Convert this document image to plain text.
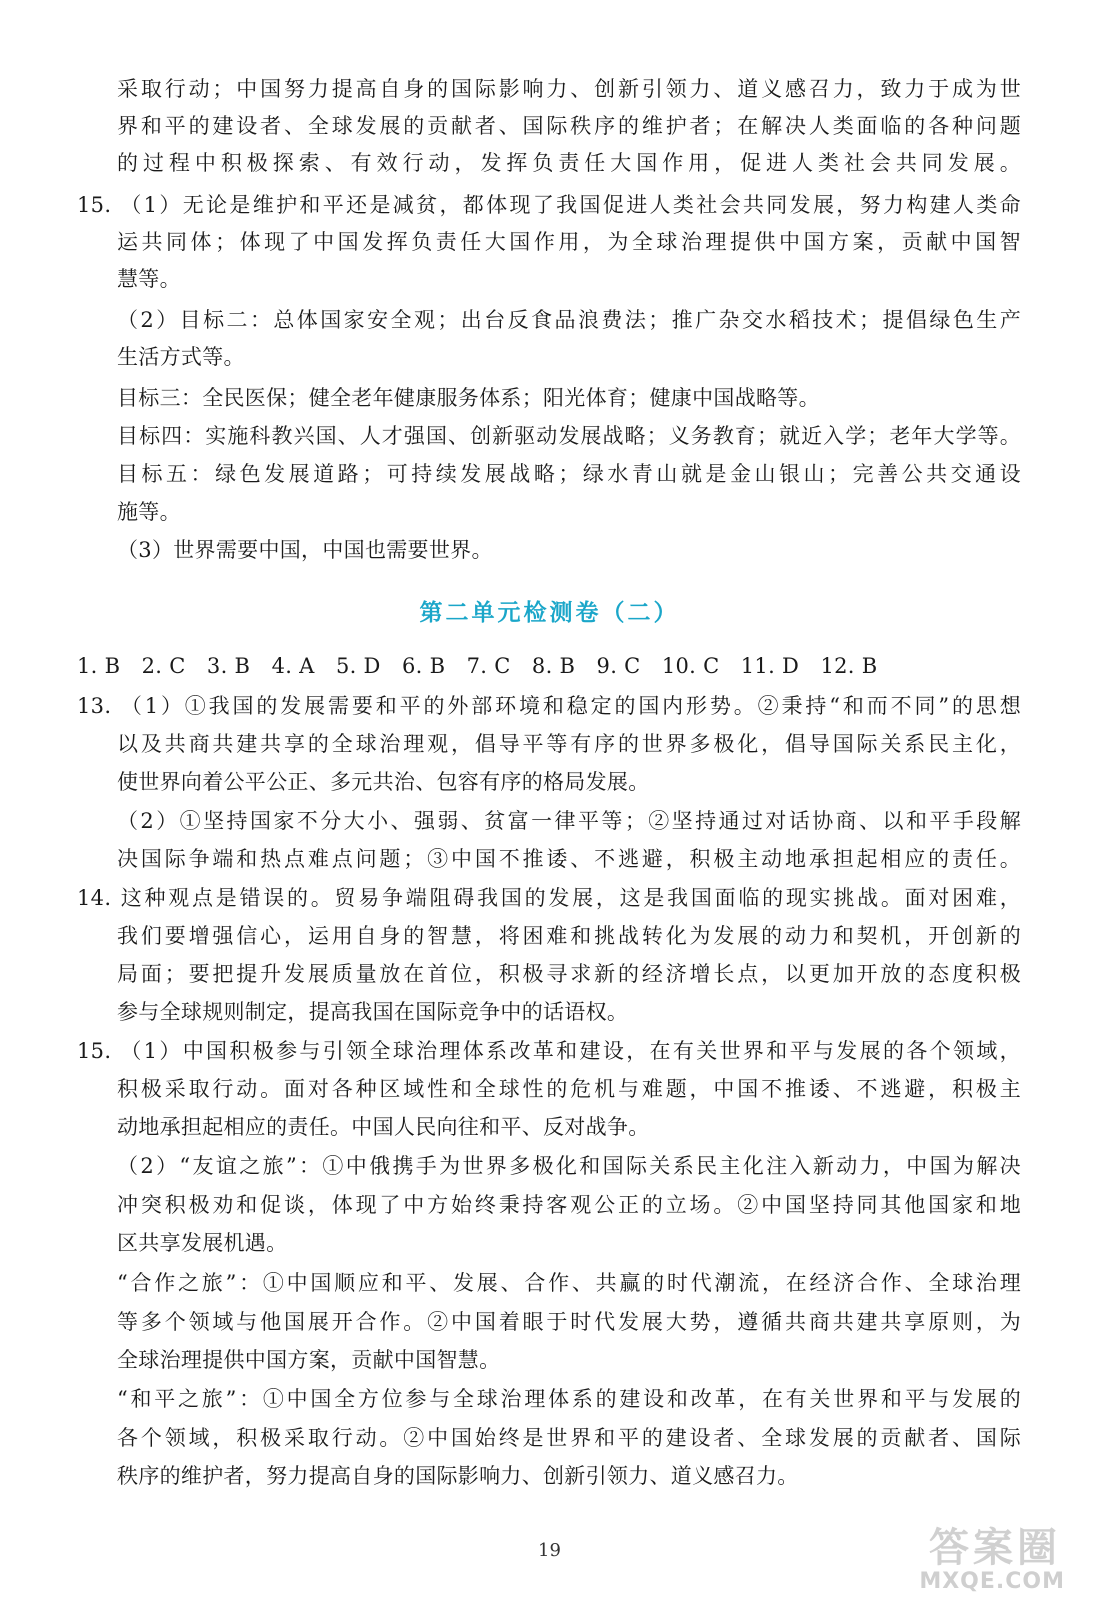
采取行动；中国努力提高自身的国际影响力、创新引领力、道义感召力，致力于成为世
界和平的建设者、全球发展的贡献者、国际秩序的维护者；在解决人类面临的各种问题
的过程中积极探索、有效行动，发挥负责任大国作用，促进人类社会共同发展。
15. （1）无论是维护和平还是减贫，都体现了我国促进人类社会共同发展，努力构建人类命
运共同体；体现了中国发挥负责任大国作用，为全球治理提供中国方案，贡献中国智
慧等。
（2）目标二：总体国家安全观；出台反食品浪费法；推广杂交水稻技术；提倡绿色生产
生活方式等。
目标三：全民医保；健全老年健康服务体系；阳光体育；健康中国战略等。
目标四：实施科教兴国、人才强国、创新驱动发展战略；义务教育；就近入学；老年大学等。
目标五：绿色发展道路；可持续发展战略；绿水青山就是金山银山；完善公共交通设
施等。
（3）世界需要中国，中国也需要世界。
1. B　2. C　3. B　4. A　5. D　6. B　7. C　8. B　9. C　10. C　11. D　12. B
13. （1）①我国的发展需要和平的外部环境和稳定的国内形势。②秉持“和而不同”的思想
以及共商共建共享的全球治理观，倡导平等有序的世界多极化，倡导国际关系民主化，
使世界向着公平公正、多元共治、包容有序的格局发展。
（2）①坚持国家不分大小、强弱、贫富一律平等；②坚持通过对话协商、以和平手段解
决国际争端和热点难点问题；③中国不推诿、不逃避，积极主动地承担起相应的责任。
14. 这种观点是错误的。贸易争端阻碍我国的发展，这是我国面临的现实挑战。面对困难，
我们要增强信心，运用自身的智慧，将困难和挑战转化为发展的动力和契机，开创新的
局面；要把提升发展质量放在首位，积极寻求新的经济增长点，以更加开放的态度积极
参与全球规则制定，提高我国在国际竞争中的话语权。
15. （1）中国积极参与引领全球治理体系改革和建设，在有关世界和平与发展的各个领域，
积极采取行动。面对各种区域性和全球性的危机与难题，中国不推诿、不逃避，积极主
动地承担起相应的责任。中国人民向往和平、反对战争。
（2）“友谊之旅”：①中俄携手为世界多极化和国际关系民主化注入新动力，中国为解决
冲突积极劝和促谈，体现了中方始终秉持客观公正的立场。②中国坚持同其他国家和地
区共享发展机遇。
“合作之旅”：①中国顺应和平、发展、合作、共赢的时代潮流，在经济合作、全球治理
等多个领域与他国展开合作。②中国着眼于时代发展大势，遵循共商共建共享原则，为
全球治理提供中国方案，贡献中国智慧。
“和平之旅”：①中国全方位参与全球治理体系的建设和改革，在有关世界和平与发展的
各个领域，积极采取行动。②中国始终是世界和平的建设者、全球发展的贡献者、国际
秩序的维护者，努力提高自身的国际影响力、创新引领力、道义感召力。
第二单元检测卷（二）
19	答案圈
MXQE.COM
